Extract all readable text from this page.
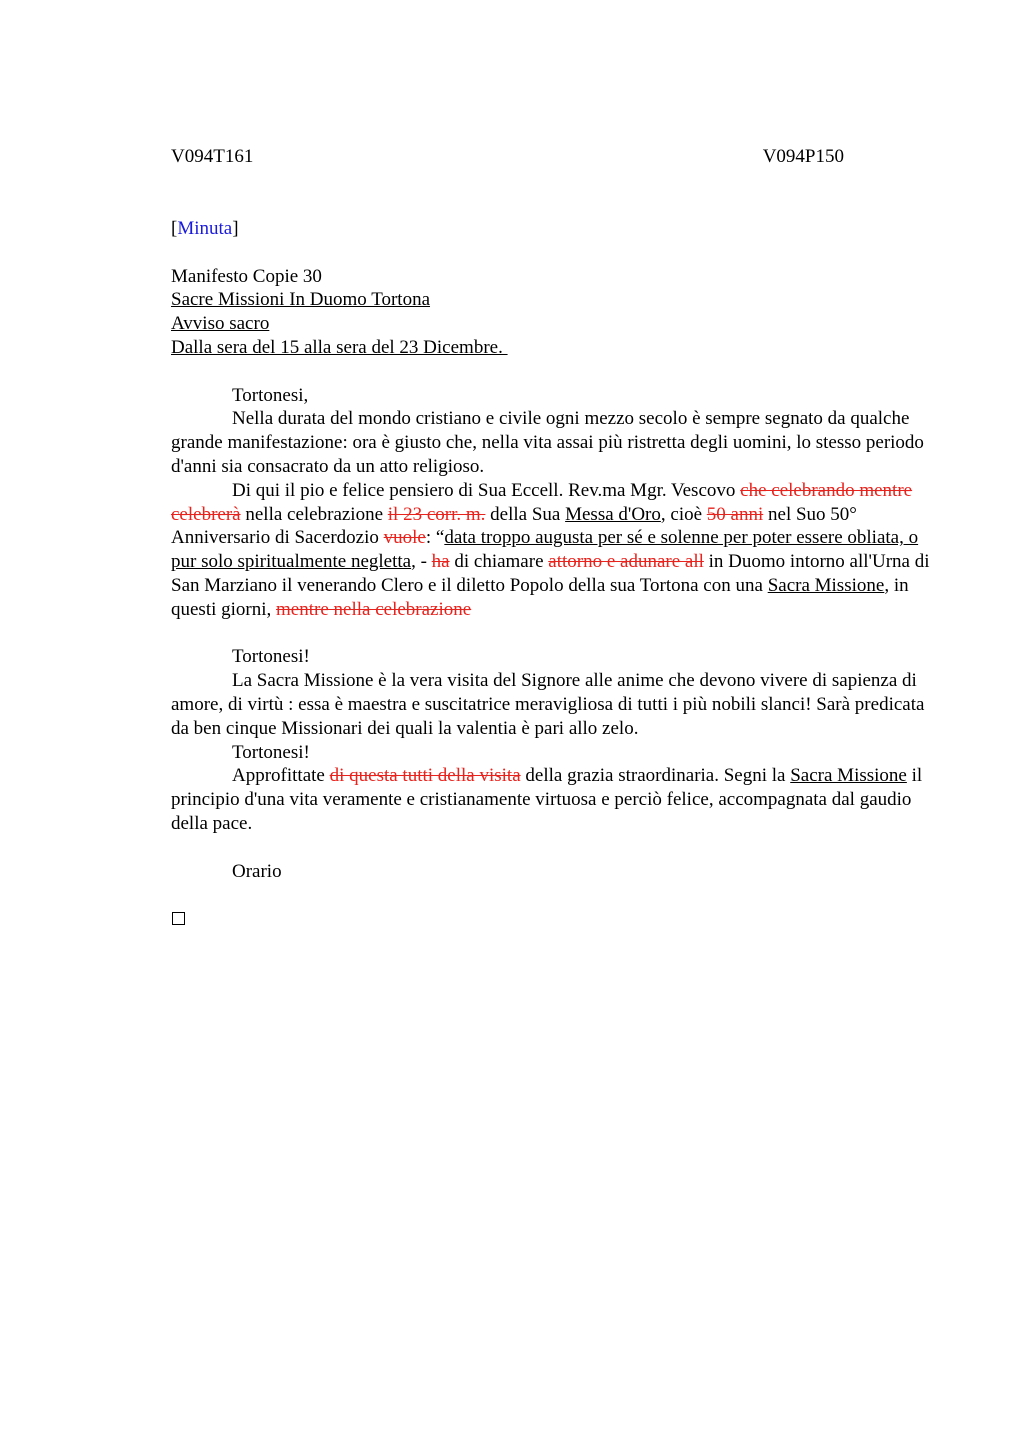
V094T161	V094P150

[Minuta]

Manifesto Copie 30

Sacre Missioni In Duomo Tortona

Avviso sacro

Dalla sera del 15 alla sera del 23 Dicembre.

Tortonesi,

Nella durata del mondo cristiano e civile ogni mezzo secolo è sempre segnato da qualche grande manifestazione: ora è giusto che, nella vita assai più ristretta degli uomini, lo stesso periodo d'anni sia consacrato da un atto religioso.

Di qui il pio e felice pensiero di Sua Eccell. Rev.ma Mgr. Vescovo che celebrando mentre celebrerà nella celebrazione il 23 corr. m. della Sua Messa d'Oro, cioè 50 anni nel Suo 50° Anniversario di Sacerdozio vuole: “data troppo augusta per sé e solenne per poter essere obliata, o pur solo spiritualmente negletta, - ha di chiamare attorno e adunare all in Duomo intorno all'Urna di San Marziano il venerando Clero e il diletto Popolo della sua Tortona con una Sacra Missione, in questi giorni, mentre nella celebrazione

Tortonesi!

La Sacra Missione è la vera visita del Signore alle anime che devono vivere di sapienza di amore, di virtù : essa è maestra e suscitatrice meravigliosa di tutti i più nobili slanci! Sarà predicata da ben cinque Missionari dei quali la valentia è pari allo zelo.

Tortonesi!

Approfittate di questa tutti della visita della grazia straordinaria. Segni la Sacra Missione il principio d'una vita veramente e cristianamente virtuosa e perciò felice, accompagnata dal gaudio della pace.

Orario
